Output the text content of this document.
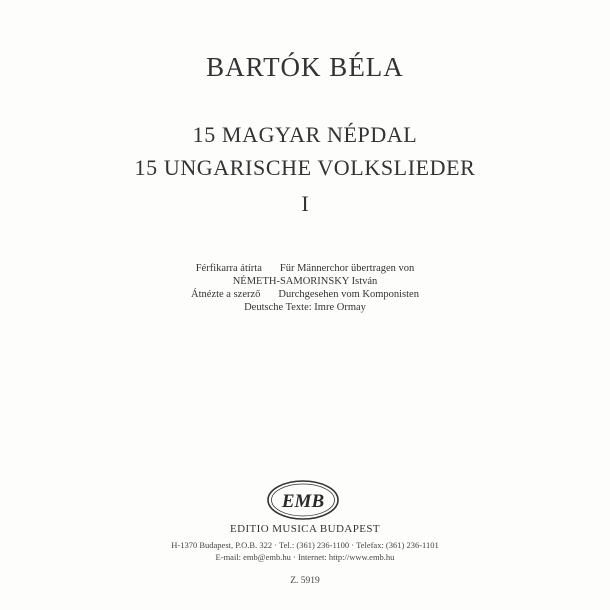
BARTÓK BÉLA
15 MAGYAR NÉPDAL
15 UNGARISCHE VOLKSLIEDER
I
Férfikarra átírta Für Männerchor übertragen von
NÉMETH-SAMORINSKY István
Átnézte a szerző Durchgesehen vom Komponisten
Deutsche Texte: Imre Ormay
EMB
EDITIO MUSICA BUDAPEST
H-1370 Budapest, P.O.B. 322 · Tel.: (361) 236-1100 · Telefax: (361) 236-1101
E-mail: emb@emb.hu · Internet: http://www.emb.hu
Z. 5919
